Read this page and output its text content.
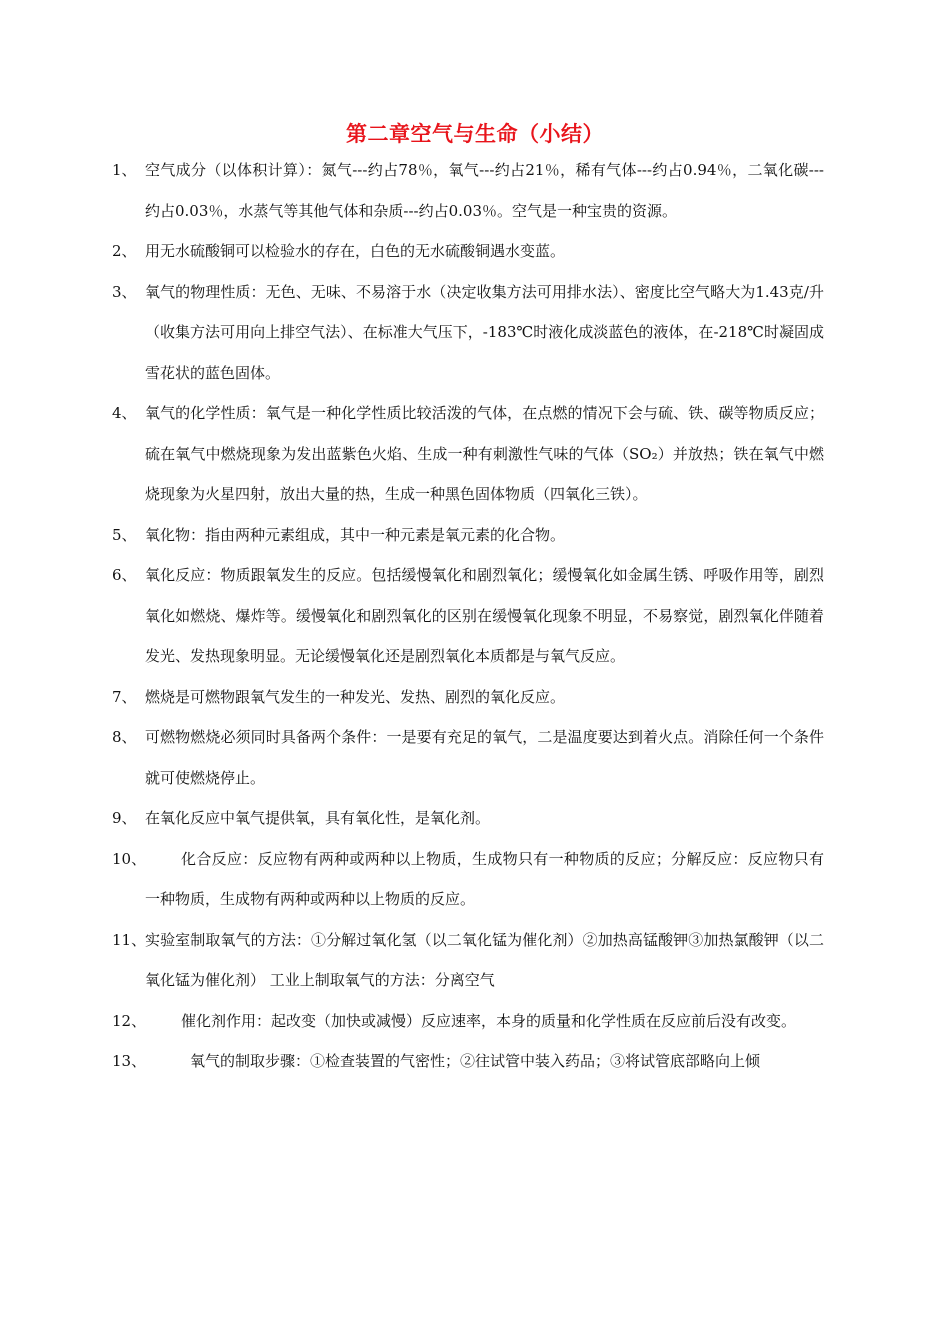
第二章空气与生命（小结）
1、 空气成分（以体积计算）：氮气---约占78％，氧气---约占21％，稀有气体---约占0.94％，二氧化碳---约占0.03％，水蒸气等其他气体和杂质---约占0.03％。空气是一种宝贵的资源。
2、 用无水硫酸铜可以检验水的存在，白色的无水硫酸铜遇水变蓝。
3、 氧气的物理性质：无色、无味、不易溶于水（决定收集方法可用排水法）、密度比空气略大为1.43克/升（收集方法可用向上排空气法）、在标准大气压下，-183℃时液化成淡蓝色的液体，在-218℃时凝固成雪花状的蓝色固体。
4、 氧气的化学性质：氧气是一种化学性质比较活泼的气体，在点燃的情况下会与硫、铁、碳等物质反应；硫在氧气中燃烧现象为发出蓝紫色火焰、生成一种有刺激性气味的气体（SO₂）并放热；铁在氧气中燃烧现象为火星四射，放出大量的热，生成一种黑色固体物质（四氧化三铁）。
5、 氧化物：指由两种元素组成，其中一种元素是氧元素的化合物。
6、 氧化反应：物质跟氧发生的反应。包括缓慢氧化和剧烈氧化；缓慢氧化如金属生锈、呼吸作用等，剧烈氧化如燃烧、爆炸等。缓慢氧化和剧烈氧化的区别在缓慢氧化现象不明显，不易察觉，剧烈氧化伴随着发光、发热现象明显。无论缓慢氧化还是剧烈氧化本质都是与氧气反应。
7、 燃烧是可燃物跟氧气发生的一种发光、发热、剧烈的氧化反应。
8、 可燃物燃烧必须同时具备两个条件：一是要有充足的氧气，二是温度要达到着火点。消除任何一个条件就可使燃烧停止。
9、 在氧化反应中氧气提供氧，具有氧化性，是氧化剂。
10、 化合反应：反应物有两种或两种以上物质，生成物只有一种物质的反应；分解反应：反应物只有一种物质，生成物有两种或两种以上物质的反应。
11、
实验室制取氧气的方法：①分解过氧化氢（以二氧化锰为催化剂）②加热高锰酸钾③加热氯酸钾（以二氧化锰为催化剂） 工业上制取氧气的方法：分离空气
12、 催化剂作用：起改变（加快或减慢）反应速率，本身的质量和化学性质在反应前后没有改变。
13、	氧气的制取步骤：①检查装置的气密性；②往试管中装入药品；③将试管底部略向上倾
